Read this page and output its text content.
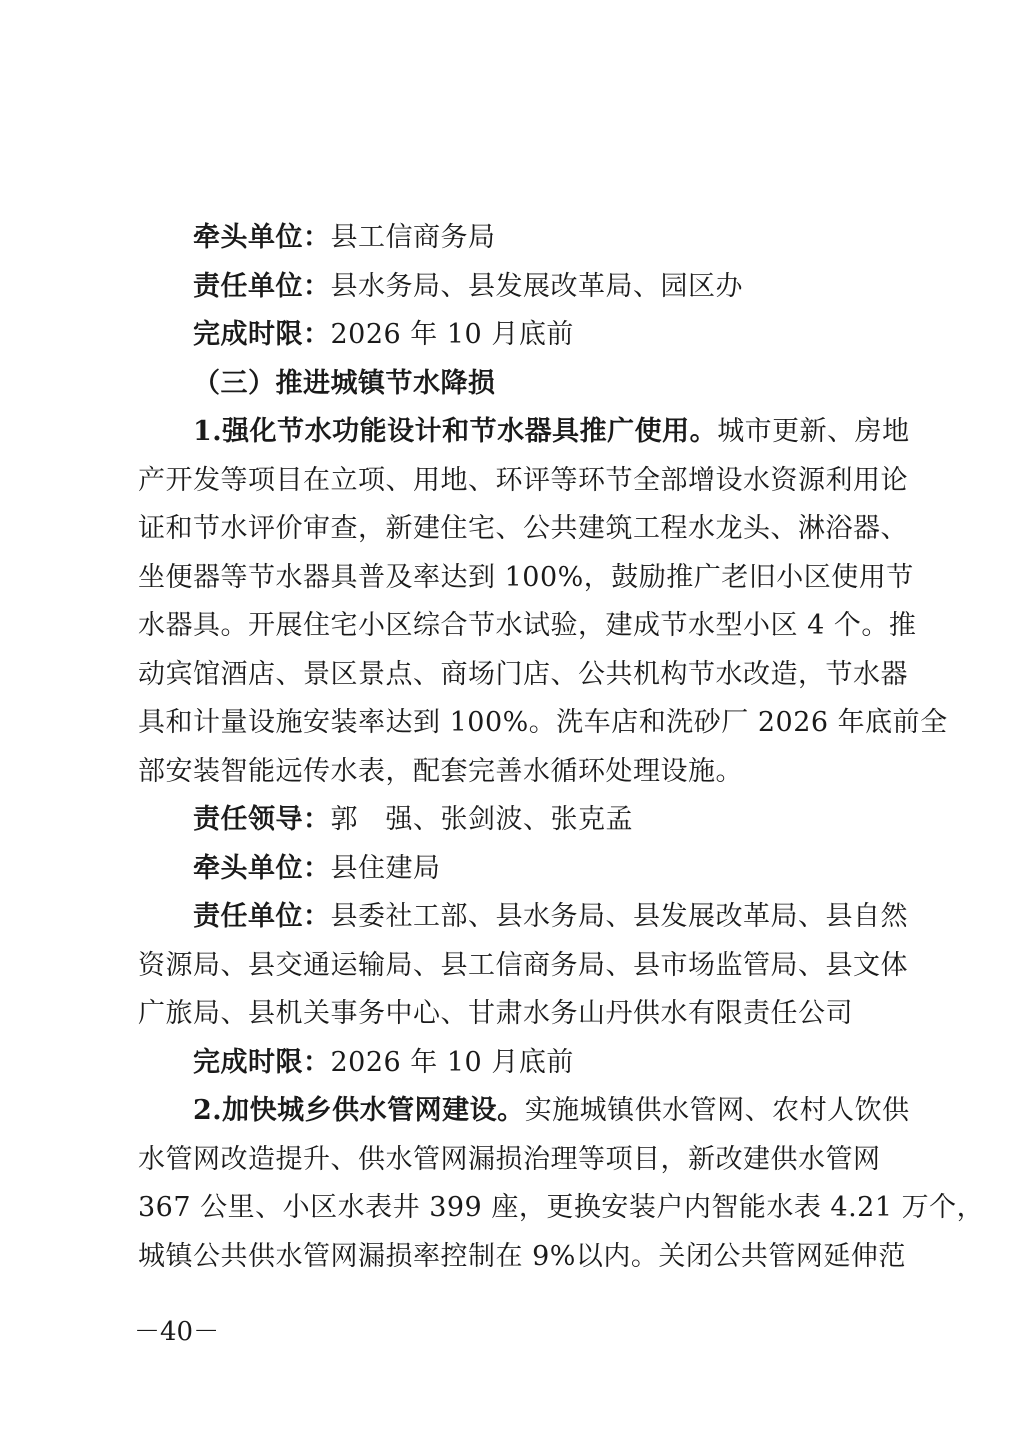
牵头单位：县工信商务局

责任单位：县水务局、县发展改革局、园区办

完成时限：2026 年 10 月底前

（三）推进城镇节水降损

1.强化节水功能设计和节水器具推广使用。城市更新、房地
产开发等项目在立项、用地、环评等环节全部增设水资源利用论
证和节水评价审查，新建住宅、公共建筑工程水龙头、淋浴器、
坐便器等节水器具普及率达到 100%，鼓励推广老旧小区使用节
水器具。开展住宅小区综合节水试验，建成节水型小区 4 个。推
动宾馆酒店、景区景点、商场门店、公共机构节水改造，节水器
具和计量设施安装率达到 100%。洗车店和洗砂厂 2026 年底前全
部安装智能远传水表，配套完善水循环处理设施。

责任领导：郭　强、张剑波、张克孟

牵头单位：县住建局

责任单位：县委社工部、县水务局、县发展改革局、县自然
资源局、县交通运输局、县工信商务局、县市场监管局、县文体
广旅局、县机关事务中心、甘肃水务山丹供水有限责任公司

完成时限：2026 年 10 月底前

2.加快城乡供水管网建设。实施城镇供水管网、农村人饮供
水管网改造提升、供水管网漏损治理等项目，新改建供水管网
367 公里、小区水表井 399 座，更换安装户内智能水表 4.21 万个，
城镇公共供水管网漏损率控制在 9%以内。关闭公共管网延伸范

－40－
